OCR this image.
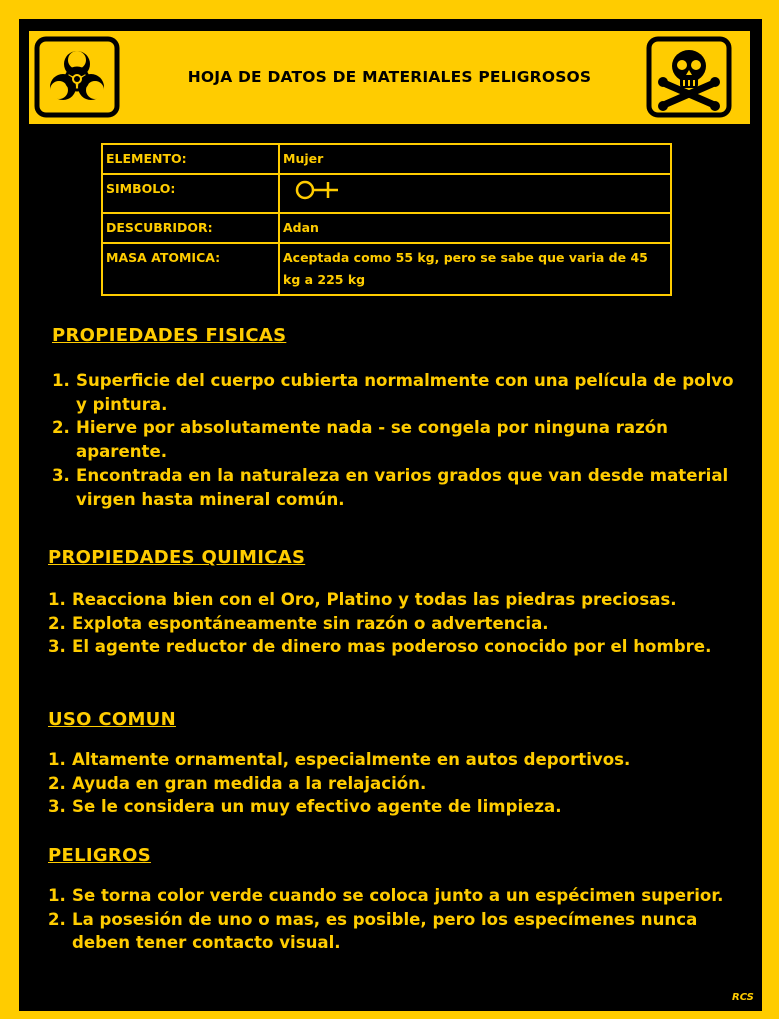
HOJA DE DATOS DE MATERIALES PELIGROSOS
ELEMENTO:	Mujer
SIMBOLO:	
DESCUBRIDOR:	Adan
MASA ATOMICA:	Aceptada como 55 kg, pero se sabe que varia de 45 kg a 225 kg
PROPIEDADES FISICAS
1. Superficie del cuerpo cubierta normalmente con una película de polvo y pintura.
2. Hierve por absolutamente nada - se congela por ninguna razón aparente.
3. Encontrada en la naturaleza en varios grados que van desde material virgen hasta mineral común.
PROPIEDADES QUIMICAS
1. Reacciona bien con el Oro, Platino y todas las piedras preciosas.
2. Explota espontáneamente sin razón o advertencia.
3. El agente reductor de dinero mas poderoso conocido por el hombre.
USO COMUN
1. Altamente ornamental, especialmente en autos deportivos.
2. Ayuda en gran medida a la relajación.
3. Se le considera un muy efectivo agente de limpieza.
PELIGROS
1. Se torna color verde cuando se coloca junto a un espécimen superior.
2. La posesión de uno o mas, es posible, pero los especímenes nunca deben tener contacto visual.
RCS
